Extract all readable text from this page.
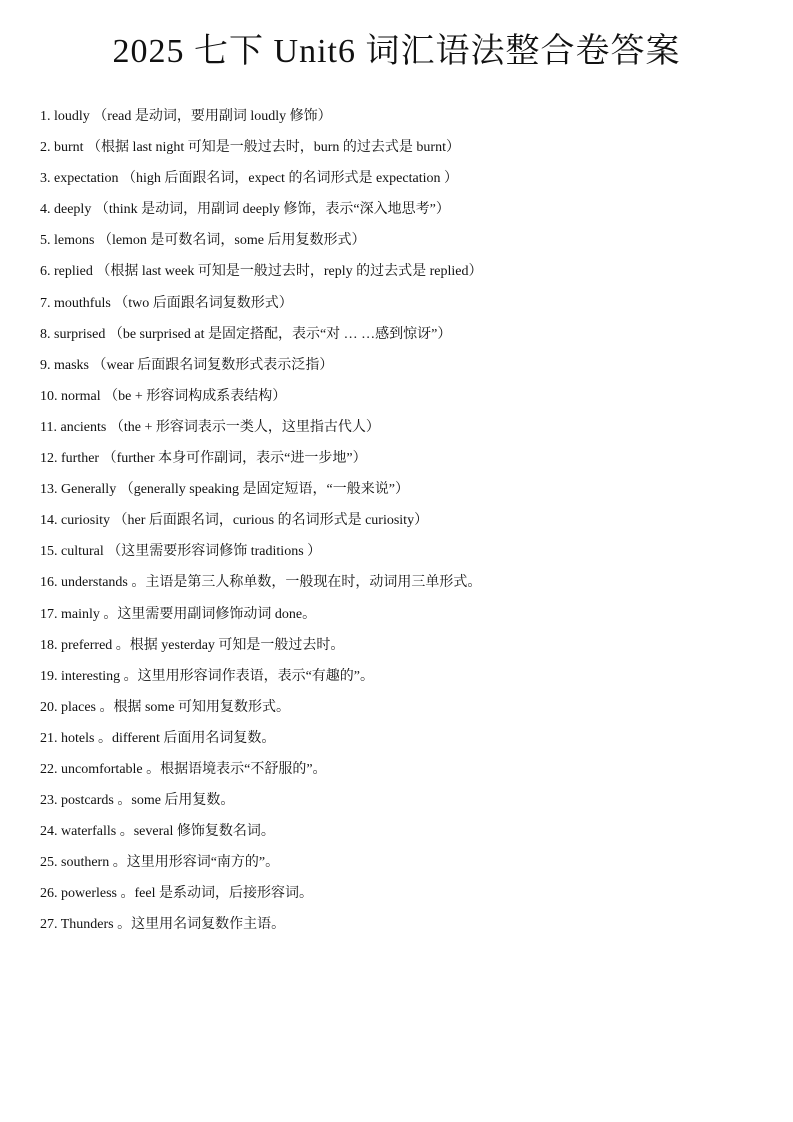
2025 七下 Unit6 词汇语法整合卷答案
1. loudly （read 是动词，要用副词 loudly 修饰）
2. burnt （根据 last night 可知是一般过去时，burn 的过去式是 burnt）
3. expectation （high 后面跟名词，expect 的名词形式是 expectation ）
4. deeply （think 是动词，用副词 deeply 修饰，表示“深入地思考”）
5. lemons （lemon 是可数名词，some 后用复数形式）
6. replied （根据 last week 可知是一般过去时，reply 的过去式是 replied）
7. mouthfuls （two 后面跟名词复数形式）
8. surprised （be surprised at 是固定搭配，表示“对 … …感到惊讶”）
9. masks （wear 后面跟名词复数形式表示泛指）
10. normal （be + 形容词构成系表结构）
11. ancients （the + 形容词表示一类人，这里指古代人）
12. further （further 本身可作副词，表示“进一步地”）
13. Generally （generally speaking 是固定短语，“一般来说”）
14. curiosity （her 后面跟名词，curious 的名词形式是 curiosity）
15. cultural （这里需要形容词修饰 traditions ）
16. understands 。主语是第三人称单数，一般现在时，动词用三单形式。
17. mainly 。这里需要用副词修饰动词 done。
18. preferred 。根据 yesterday 可知是一般过去时。
19. interesting 。这里用形容词作表语，表示“有趣的”。
20. places 。根据 some 可知用复数形式。
21. hotels 。different 后面用名词复数。
22. uncomfortable 。根据语境表示“不舒服的”。
23. postcards 。some 后用复数。
24. waterfalls 。several 修饰复数名词。
25. southern 。这里用形容词“南方的”。
26. powerless 。feel 是系动词，后接形容词。
27. Thunders 。这里用名词复数作主语。
